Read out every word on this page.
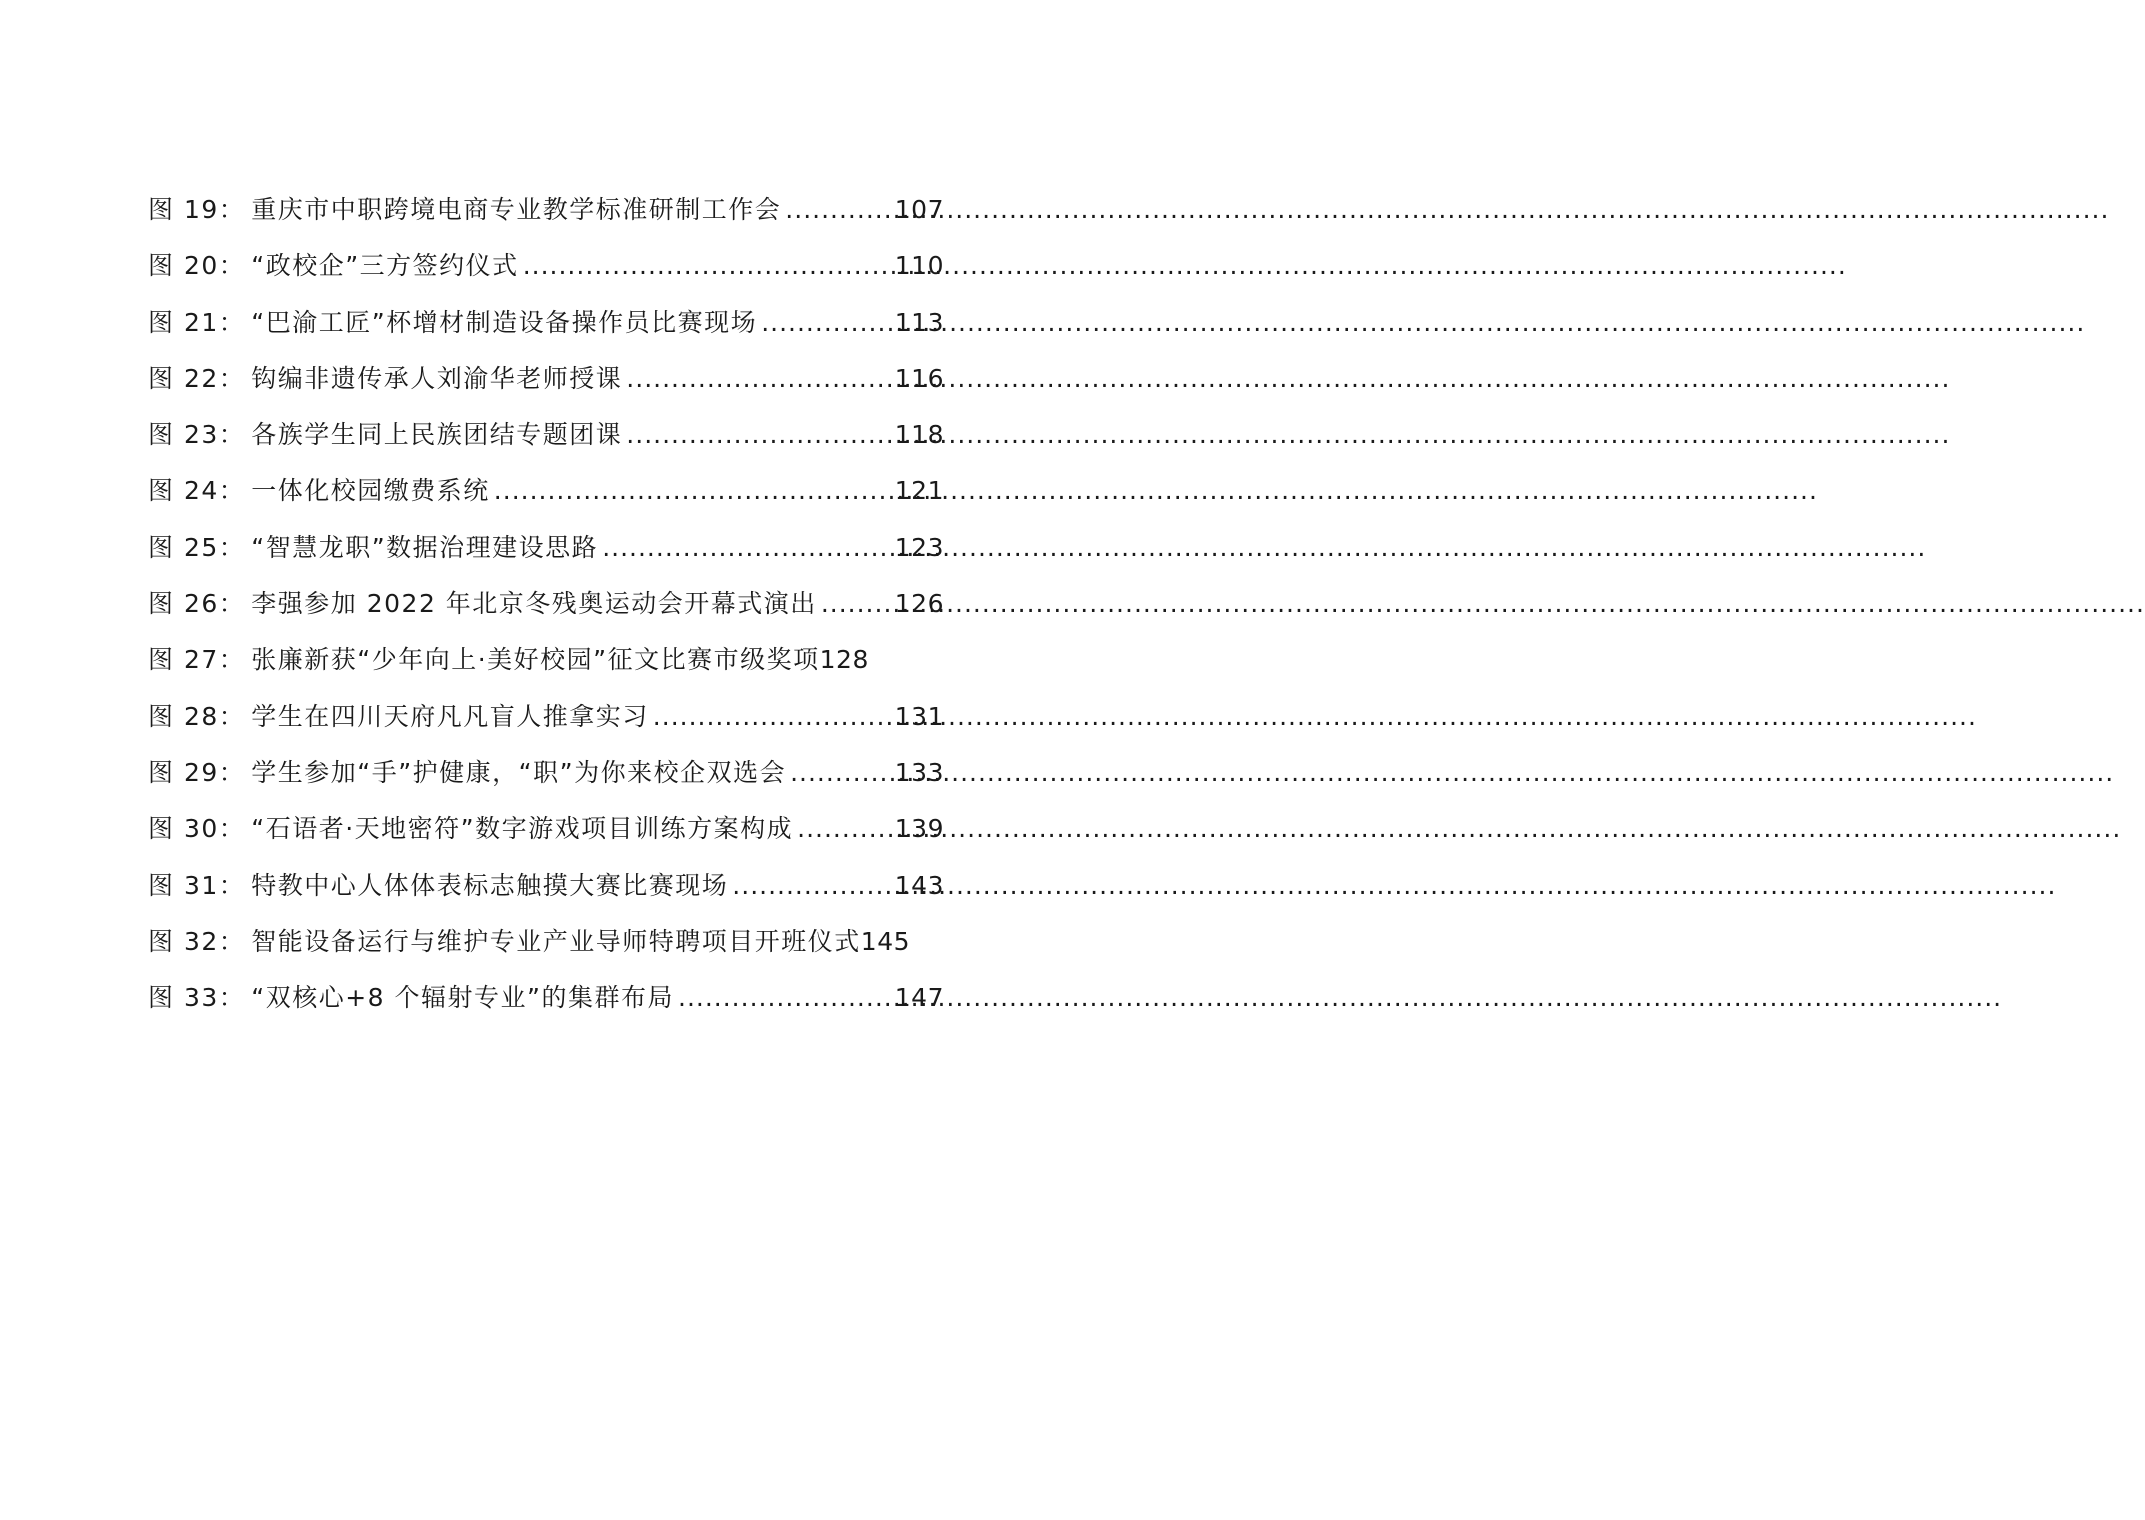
图 19 ： 重庆市中职跨境电商专业教学标准研制工作会 .....	107
图 20 ： “政校企”三方签约仪式 .....	110
图 21 ： “巴渝工匠”杯增材制造设备操作员比赛现场 .....	113
图 22 ： 钩编非遗传承人刘渝华老师授课 .....	116
图 23 ： 各族学生同上民族团结专题团课 .....	118
图 24 ： 一体化校园缴费系统 .....	121
图 25 ： “智慧龙职”数据治理建设思路 .....	123
图 26 ： 李强参加 2022 年北京冬残奥运动会开幕式演出 .....	126
图 27 ： 张廉新获“少年向上·美好校园”征文比赛市级奖项 128
图 28 ： 学生在四川天府凡凡盲人推拿实习 .....	131
图 29 ： 学生参加“手”护健康，“职”为你来校企双选会 .....	133
图 30 ： “石语者·天地密符”数字游戏项目训练方案构成 .....	139
图 31 ： 特教中心人体体表标志触摸大赛比赛现场 .....	143
图 32 ： 智能设备运行与维护专业产业导师特聘项目开班仪式 145
图 33 ： “双核心+8 个辐射专业”的集群布局 .....	147
